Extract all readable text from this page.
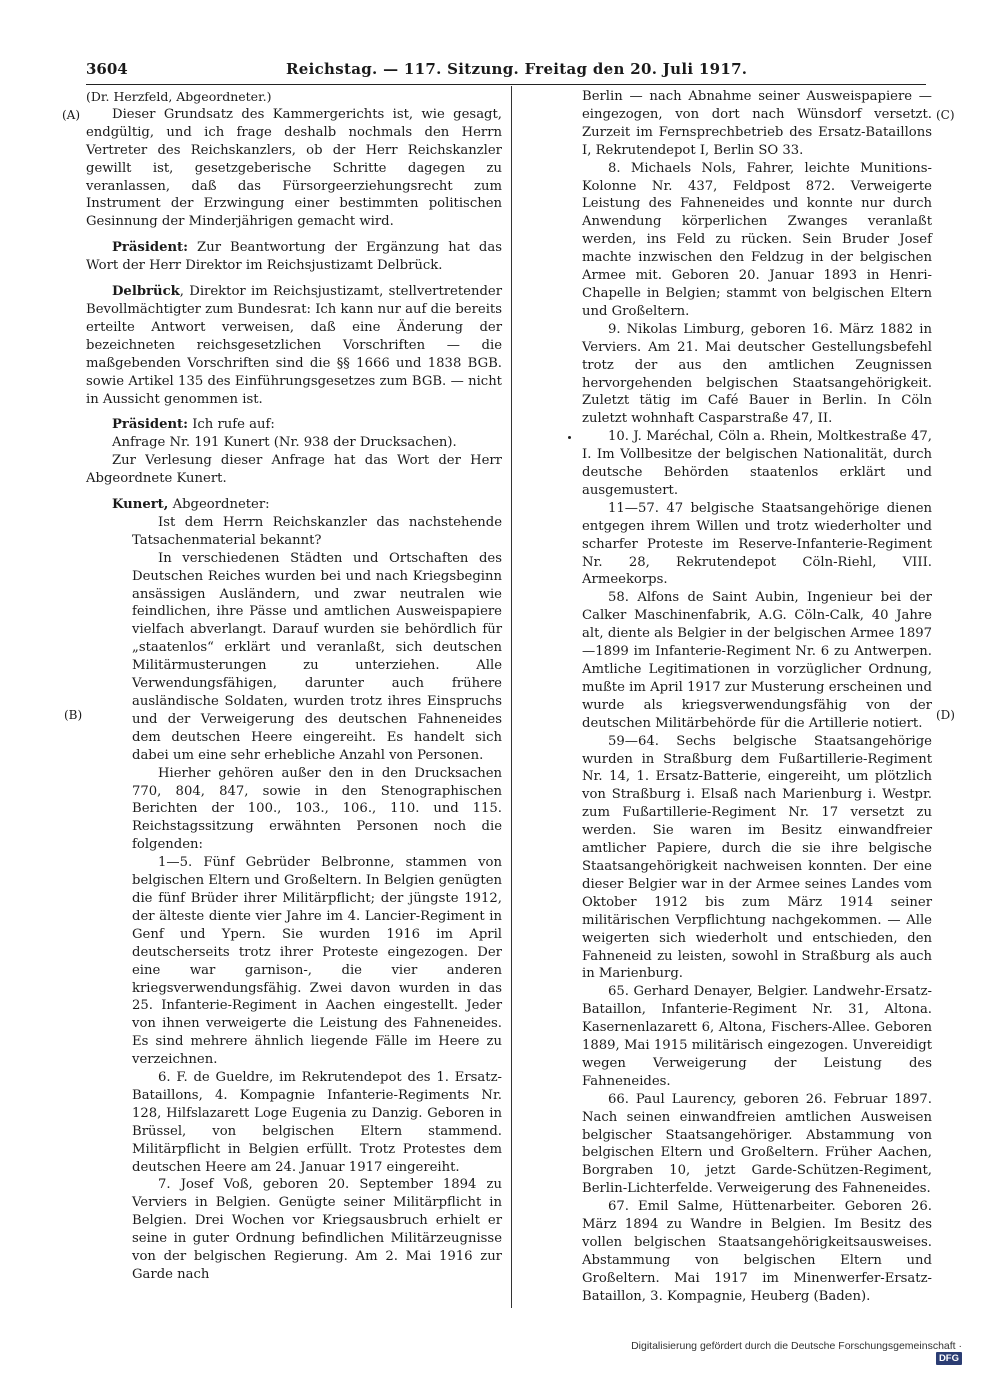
3604	Reichstag. — 117. Sitzung. Freitag den 20. Juli 1917.
(A)
(B)
(C)
(D)

(Dr. Herzfeld, Abgeordneter.)

Dieser Grundsatz des Kammergerichts ist, wie gesagt, endgültig, und ich frage deshalb nochmals den Herrn Vertreter des Reichskanzlers, ob der Herr Reichskanzler gewillt ist, gesetzgeberische Schritte dagegen zu veranlassen, daß das Fürsorgeerziehungsrecht zum Instrument der Erzwingung einer bestimmten politischen Gesinnung der Minderjährigen gemacht wird.

Präsident: Zur Beantwortung der Ergänzung hat das Wort der Herr Direktor im Reichsjustizamt Delbrück.

Delbrück, Direktor im Reichsjustizamt, stellvertretender Bevollmächtigter zum Bundesrat: Ich kann nur auf die bereits erteilte Antwort verweisen, daß eine Änderung der bezeichneten reichsgesetzlichen Vorschriften — die maßgebenden Vorschriften sind die §§ 1666 und 1838 BGB. sowie Artikel 135 des Einführungsgesetzes zum BGB. — nicht in Aussicht genommen ist.

Präsident: Ich rufe auf:

Anfrage Nr. 191 Kunert (Nr. 938 der Drucksachen).

Zur Verlesung dieser Anfrage hat das Wort der Herr Abgeordnete Kunert.

Kunert, Abgeordneter:

Ist dem Herrn Reichskanzler das nachstehende Tatsachenmaterial bekannt?

In verschiedenen Städten und Ortschaften des Deutschen Reiches wurden bei und nach Kriegsbeginn ansässigen Ausländern, und zwar neutralen wie feindlichen, ihre Pässe und amtlichen Ausweispapiere vielfach abverlangt. Darauf wurden sie behördlich für „staatenlos“ erklärt und veranlaßt, sich deutschen Militärmusterungen zu unterziehen. Alle Verwendungsfähigen, darunter auch frühere ausländische Soldaten, wurden trotz ihres Einspruchs und der Verweigerung des deutschen Fahneneides dem deutschen Heere eingereiht. Es handelt sich dabei um eine sehr erhebliche Anzahl von Personen.

Hierher gehören außer den in den Drucksachen 770, 804, 847, sowie in den Stenographischen Berichten der 100., 103., 106., 110. und 115. Reichstagssitzung erwähnten Personen noch die folgenden:

1—5. Fünf Gebrüder Belbronne, stammen von belgischen Eltern und Großeltern. In Belgien genügten die fünf Brüder ihrer Militärpflicht; der jüngste 1912, der älteste diente vier Jahre im 4. Lancier-Regiment in Genf und Ypern. Sie wurden 1916 im April deutscherseits trotz ihrer Proteste eingezogen. Der eine war garnison-, die vier anderen kriegsverwendungsfähig. Zwei davon wurden in das 25. Infanterie-Regiment in Aachen eingestellt. Jeder von ihnen verweigerte die Leistung des Fahneneides. Es sind mehrere ähnlich liegende Fälle im Heere zu verzeichnen.

6. F. de Gueldre, im Rekrutendepot des 1. Ersatz-Bataillons, 4. Kompagnie Infanterie-Regiments Nr. 128, Hilfslazarett Loge Eugenia zu Danzig. Geboren in Brüssel, von belgischen Eltern stammend. Militärpflicht in Belgien erfüllt. Trotz Protestes dem deutschen Heere am 24. Januar 1917 eingereiht.

7. Josef Voß, geboren 20. September 1894 zu Verviers in Belgien. Genügte seiner Militärpflicht in Belgien. Drei Wochen vor Kriegsausbruch erhielt er seine in guter Ordnung befindlichen Militärzeugnisse von der belgischen Regierung. Am 2. Mai 1916 zur Garde nach

Berlin — nach Abnahme seiner Ausweispapiere — eingezogen, von dort nach Wünsdorf versetzt. Zurzeit im Fernsprechbetrieb des Ersatz-Bataillons I, Rekrutendepot I, Berlin SO 33.

8. Michaels Nols, Fahrer, leichte Munitions-Kolonne Nr. 437, Feldpost 872. Verweigerte Leistung des Fahneneides und konnte nur durch Anwendung körperlichen Zwanges veranlaßt werden, ins Feld zu rücken. Sein Bruder Josef machte inzwischen den Feldzug in der belgischen Armee mit. Geboren 20. Januar 1893 in Henri-Chapelle in Belgien; stammt von belgischen Eltern und Großeltern.

9. Nikolas Limburg, geboren 16. März 1882 in Verviers. Am 21. Mai deutscher Gestellungsbefehl trotz der aus den amtlichen Zeugnissen hervorgehenden belgischen Staatsangehörigkeit. Zuletzt tätig im Café Bauer in Berlin. In Cöln zuletzt wohnhaft Casparstraße 47, II.

10. J. Maréchal, Cöln a. Rhein, Moltkestraße 47, I. Im Vollbesitze der belgischen Nationalität, durch deutsche Behörden staatenlos erklärt und ausgemustert.

11—57. 47 belgische Staatsangehörige dienen entgegen ihrem Willen und trotz wiederholter und scharfer Proteste im Reserve-Infanterie-Regiment Nr. 28, Rekrutendepot Cöln-Riehl, VIII. Armeekorps.

58. Alfons de Saint Aubin, Ingenieur bei der Calker Maschinenfabrik, A.G. Cöln-Calk, 40 Jahre alt, diente als Belgier in der belgischen Armee 1897—1899 im Infanterie-Regiment Nr. 6 zu Antwerpen. Amtliche Legitimationen in vorzüglicher Ordnung, mußte im April 1917 zur Musterung erscheinen und wurde als kriegsverwendungsfähig von der deutschen Militärbehörde für die Artillerie notiert.

59—64. Sechs belgische Staatsangehörige wurden in Straßburg dem Fußartillerie-Regiment Nr. 14, 1. Ersatz-Batterie, eingereiht, um plötzlich von Straßburg i. Elsaß nach Marienburg i. Westpr. zum Fußartillerie-Regiment Nr. 17 versetzt zu werden. Sie waren im Besitz einwandfreier amtlicher Papiere, durch die sie ihre belgische Staatsangehörigkeit nachweisen konnten. Der eine dieser Belgier war in der Armee seines Landes vom Oktober 1912 bis zum März 1914 seiner militärischen Verpflichtung nachgekommen. — Alle weigerten sich wiederholt und entschieden, den Fahneneid zu leisten, sowohl in Straßburg als auch in Marienburg.

65. Gerhard Denayer, Belgier. Landwehr-Ersatz-Bataillon, Infanterie-Regiment Nr. 31, Altona. Kasernenlazarett 6, Altona, Fischers-Allee. Geboren 1889, Mai 1915 militärisch eingezogen. Unvereidigt wegen Verweigerung der Leistung des Fahneneides.

66. Paul Laurency, geboren 26. Februar 1897. Nach seinen einwandfreien amtlichen Ausweisen belgischer Staatsangehöriger. Abstammung von belgischen Eltern und Großeltern. Früher Aachen, Borgraben 10, jetzt Garde-Schützen-Regiment, Berlin-Lichterfelde. Verweigerung des Fahneneides.

67. Emil Salme, Hüttenarbeiter. Geboren 26. März 1894 zu Wandre in Belgien. Im Besitz des vollen belgischen Staatsangehörigkeitsausweises. Abstammung von belgischen Eltern und Großeltern. Mai 1917 im Minenwerfer-Ersatz-Bataillon, 3. Kompagnie, Heuberg (Baden).

Digitalisierung gefördert durch die Deutsche Forschungsgemeinschaft ·DFG
